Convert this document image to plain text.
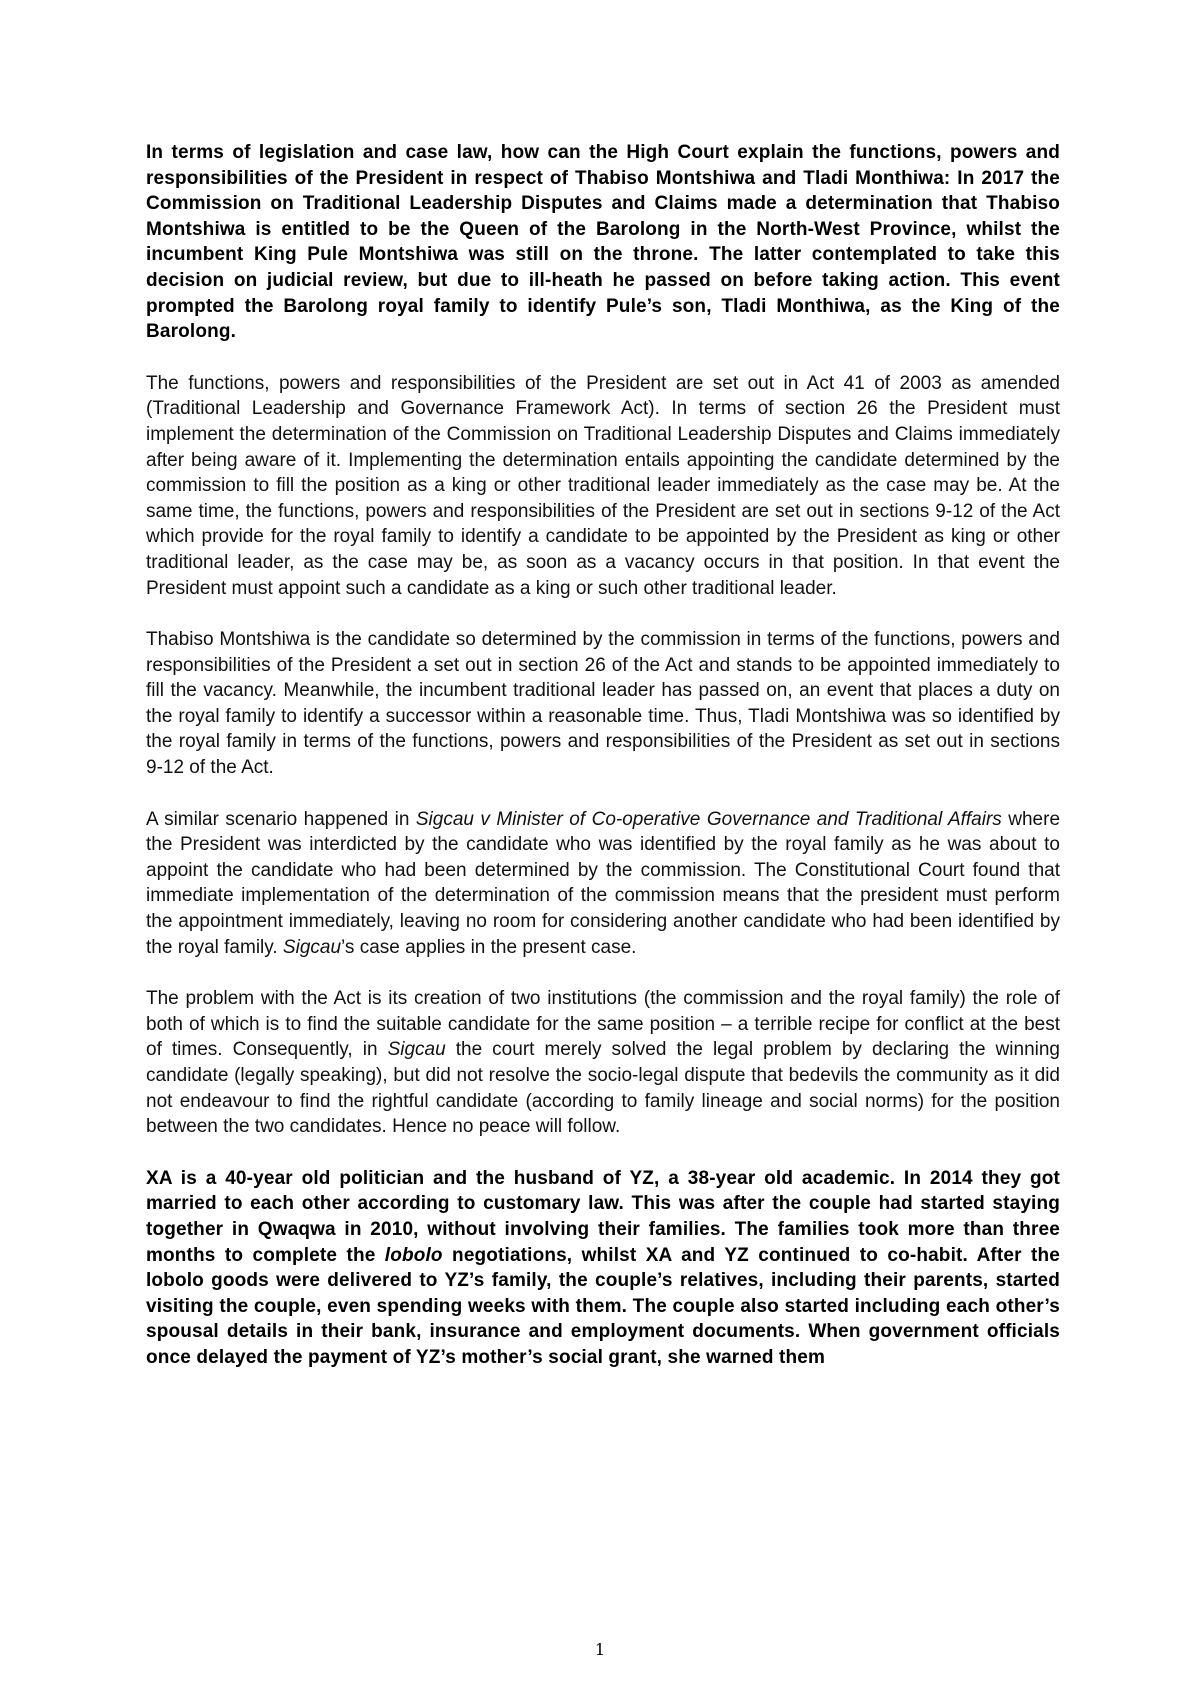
In terms of legislation and case law, how can the High Court explain the functions, powers and responsibilities of the President in respect of Thabiso Montshiwa and Tladi Monthiwa: In 2017 the Commission on Traditional Leadership Disputes and Claims made a determination that Thabiso Montshiwa is entitled to be the Queen of the Barolong in the North-West Province, whilst the incumbent King Pule Montshiwa was still on the throne. The latter contemplated to take this decision on judicial review, but due to ill-heath he passed on before taking action. This event prompted the Barolong royal family to identify Pule’s son, Tladi Monthiwa, as the King of the Barolong.

The functions, powers and responsibilities of the President are set out in Act 41 of 2003 as amended (Traditional Leadership and Governance Framework Act). In terms of section 26 the President must implement the determination of the Commission on Traditional Leadership Disputes and Claims immediately after being aware of it. Implementing the determination entails appointing the candidate determined by the commission to fill the position as a king or other traditional leader immediately as the case may be. At the same time, the functions, powers and responsibilities of the President are set out in sections 9-12 of the Act which provide for the royal family to identify a candidate to be appointed by the President as king or other traditional leader, as the case may be, as soon as a vacancy occurs in that position. In that event the President must appoint such a candidate as a king or such other traditional leader.

Thabiso Montshiwa is the candidate so determined by the commission in terms of the functions, powers and responsibilities of the President a set out in section 26 of the Act and stands to be appointed immediately to fill the vacancy. Meanwhile, the incumbent traditional leader has passed on, an event that places a duty on the royal family to identify a successor within a reasonable time. Thus, Tladi Montshiwa was so identified by the royal family in terms of the functions, powers and responsibilities of the President as set out in sections 9-12 of the Act.

A similar scenario happened in Sigcau v Minister of Co-operative Governance and Traditional Affairs where the President was interdicted by the candidate who was identified by the royal family as he was about to appoint the candidate who had been determined by the commission. The Constitutional Court found that immediate implementation of the determination of the commission means that the president must perform the appointment immediately, leaving no room for considering another candidate who had been identified by the royal family. Sigcau’s case applies in the present case.

The problem with the Act is its creation of two institutions (the commission and the royal family) the role of both of which is to find the suitable candidate for the same position – a terrible recipe for conflict at the best of times. Consequently, in Sigcau the court merely solved the legal problem by declaring the winning candidate (legally speaking), but did not resolve the socio-legal dispute that bedevils the community as it did not endeavour to find the rightful candidate (according to family lineage and social norms) for the position between the two candidates. Hence no peace will follow.

XA is a 40-year old politician and the husband of YZ, a 38-year old academic. In 2014 they got married to each other according to customary law. This was after the couple had started staying together in Qwaqwa in 2010, without involving their families. The families took more than three months to complete the lobolo negotiations, whilst XA and YZ continued to co-habit. After the lobolo goods were delivered to YZ’s family, the couple’s relatives, including their parents, started visiting the couple, even spending weeks with them. The couple also started including each other’s spousal details in their bank, insurance and employment documents. When government officials once delayed the payment of YZ’s mother’s social grant, she warned them

1
